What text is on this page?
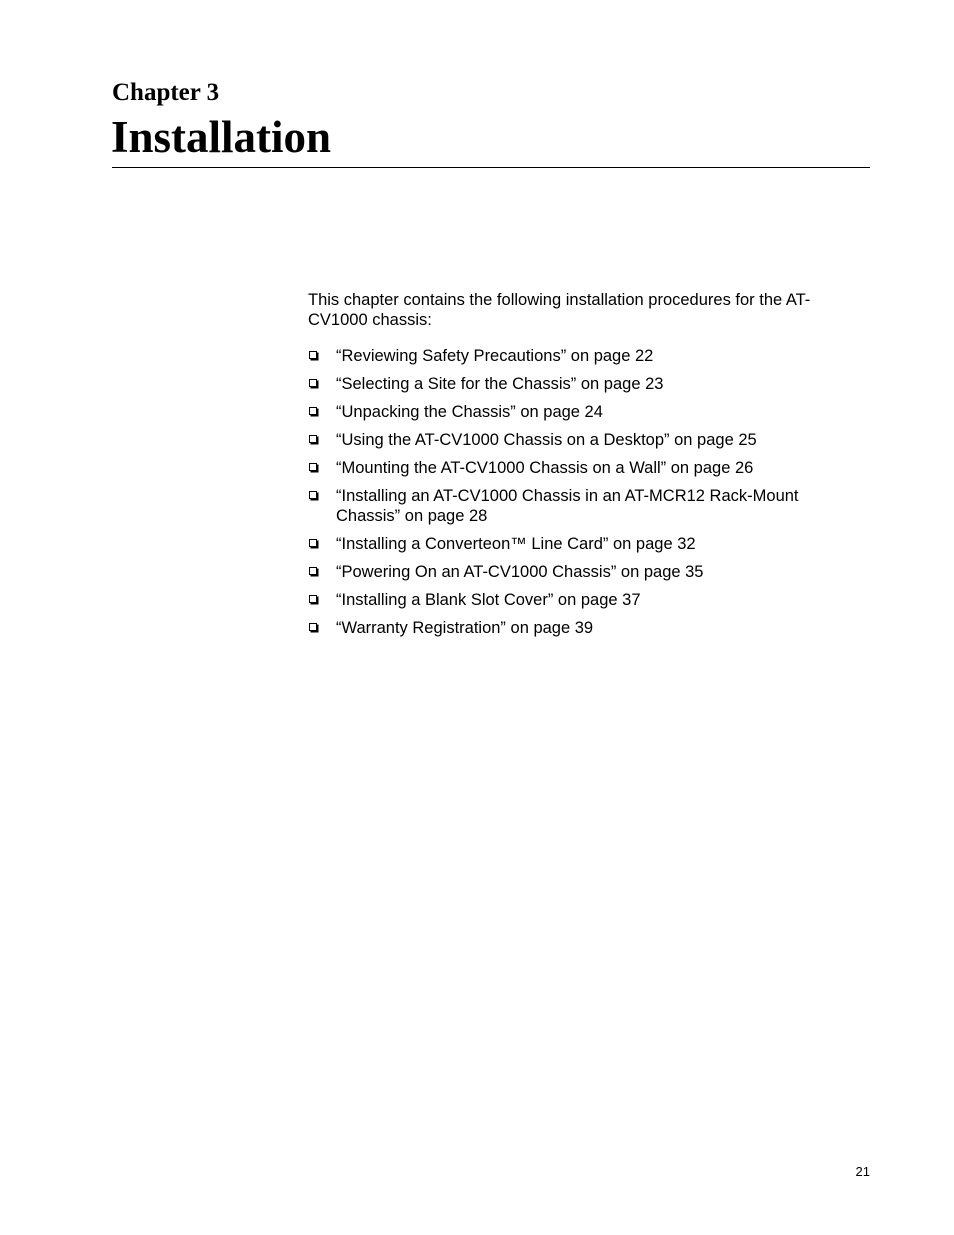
Chapter 3
Installation

This chapter contains the following installation procedures for the AT-CV1000 chassis:

“Reviewing Safety Precautions” on page 22
“Selecting a Site for the Chassis” on page 23
“Unpacking the Chassis” on page 24
“Using the AT-CV1000 Chassis on a Desktop” on page 25
“Mounting the AT-CV1000 Chassis on a Wall” on page 26
“Installing an AT-CV1000 Chassis in an AT-MCR12 Rack-Mount Chassis” on page 28
“Installing a Converteon™ Line Card” on page 32
“Powering On an AT-CV1000 Chassis” on page 35
“Installing a Blank Slot Cover” on page 37
“Warranty Registration” on page 39
21
